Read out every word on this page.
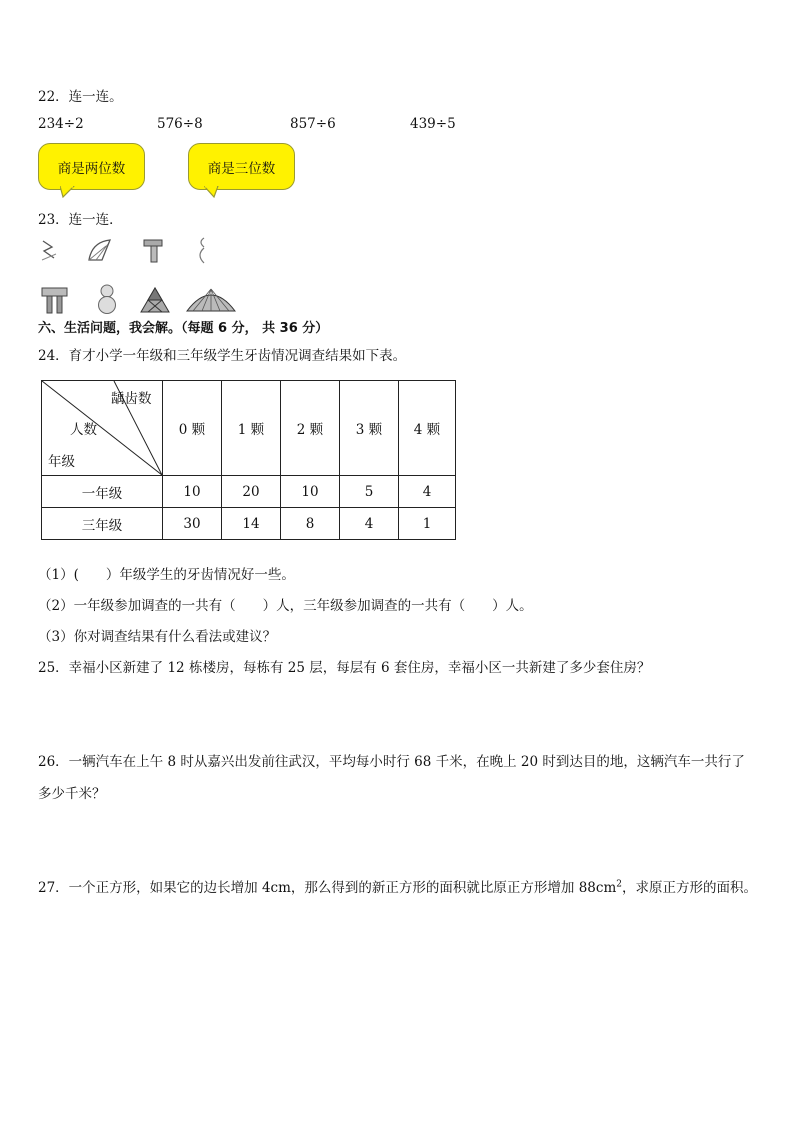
22．连一连。
234÷2	576÷8	857÷6	439÷5
商是两位数	商是三位数
23．连一连．
六、生活问题，我会解。（每题 6 分， 共 36 分）
24．育才小学一年级和三年级学生牙齿情况调查结果如下表。
龋齿数
人数
年级	0 颗	1 颗	2 颗	3 颗	4 颗
一年级	10	20	10	5	4
三年级	30	14	8	4	1
（1）(　　）年级学生的牙齿情况好一些。
（2）一年级参加调查的一共有（　　）人，三年级参加调查的一共有（　　）人。
（3）你对调查结果有什么看法或建议？
25．幸福小区新建了 12 栋楼房，每栋有 25 层，每层有 6 套住房，幸福小区一共新建了多少套住房？
26．一辆汽车在上午 8 时从嘉兴出发前往武汉，平均每小时行 68 千米，在晚上 20 时到达目的地，这辆汽车一共行了
多少千米？
27．一个正方形，如果它的边长增加 4cm，那么得到的新正方形的面积就比原正方形增加 $88cm^2$，求原正方形的面积。
